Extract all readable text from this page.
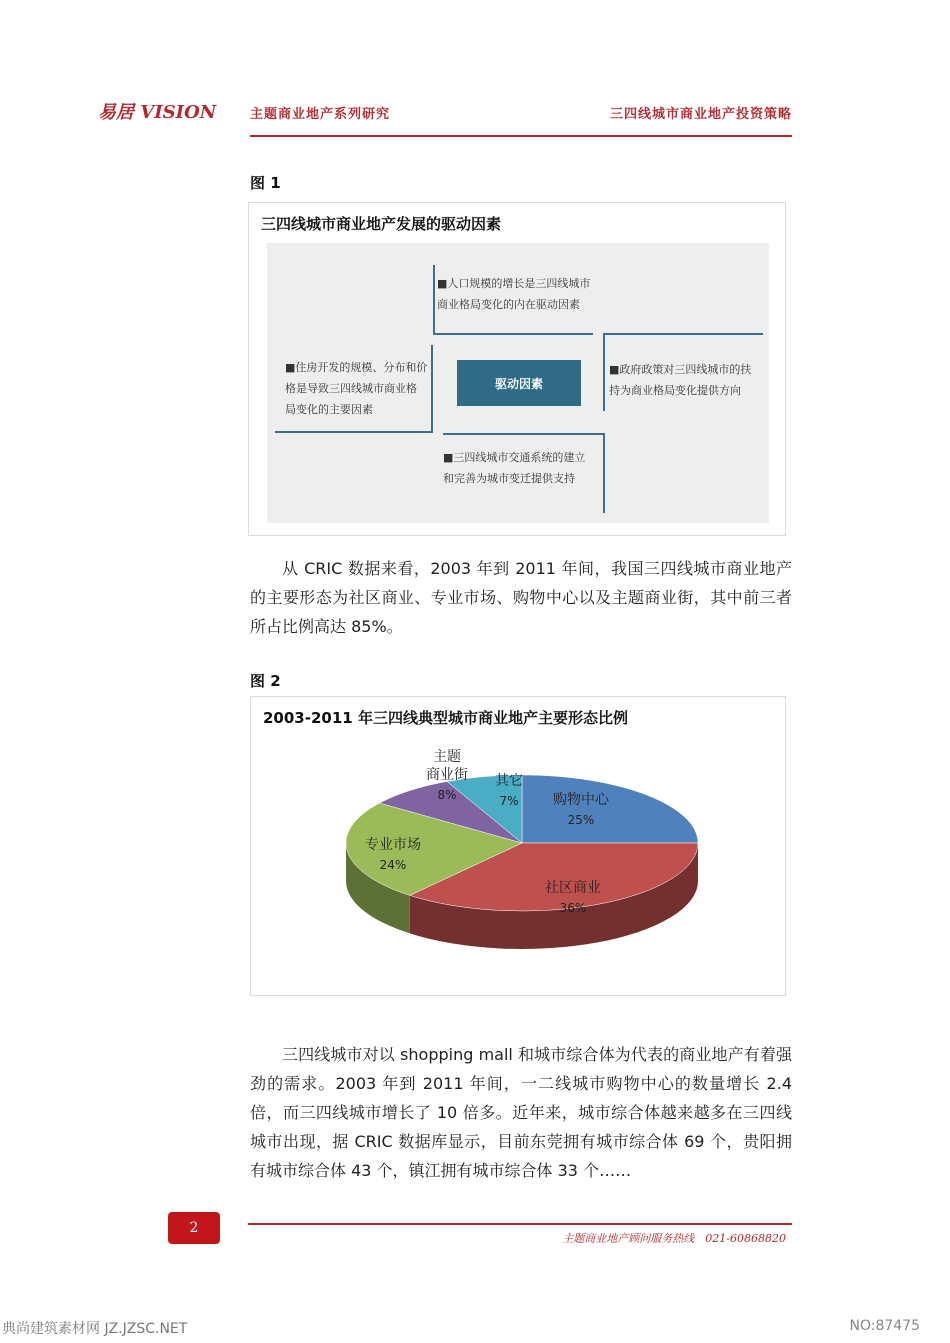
易居 VISION	主题商业地产系列研究	三四线城市商业地产投资策略
图 1
三四线城市商业地产发展的驱动因素
■人口规模的增长是三四线城市
商业格局变化的内在驱动因素
■住房开发的规模、分布和价
格是导致三四线城市商业格
局变化的主要因素
驱动因素
■政府政策对三四线城市的扶
持为商业格局变化提供方向
■三四线城市交通系统的建立
和完善为城市变迁提供支持
从 CRIC 数据来看，2003 年到 2011 年间，我国三四线城市商业地产的主要形态为社区商业、专业市场、购物中心以及主题商业街，其中前三者所占比例高达 85%。
图 2
2003-2011 年三四线典型城市商业地产主要形态比例
购物中心
25%
社区商业
36%
专业市场
24%
主题
商业街
8%
其它
7%
三四线城市对以 shopping mall 和城市综合体为代表的商业地产有着强劲的需求。2003 年到 2011 年间，一二线城市购物中心的数量增长 2.4 倍，而三四线城市增长了 10 倍多。近年来，城市综合体越来越多在三四线城市出现，据 CRIC 数据库显示，目前东莞拥有城市综合体 69 个，贵阳拥有城市综合体 43 个，镇江拥有城市综合体 33 个……
2
主题商业地产顾问服务热线　021-60868820
典尚建筑素材网 JZ.JZSC.NET	NO:87475
